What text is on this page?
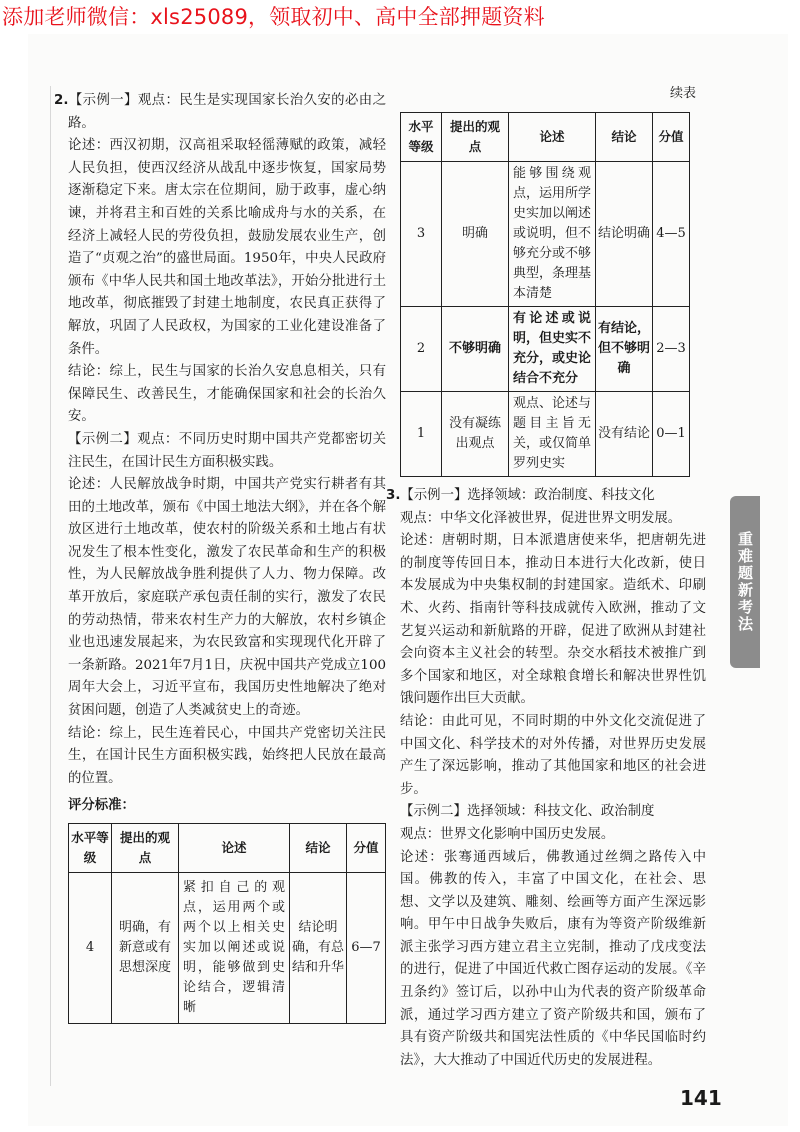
添加老师微信：xls25089，领取初中、高中全部押题资料

2.【示例一】观点：民生是实现国家长治久安的必由之路。

论述：西汉初期，汉高祖采取轻徭薄赋的政策，减轻人民负担，使西汉经济从战乱中逐步恢复，国家局势逐渐稳定下来。唐太宗在位期间，励于政事，虚心纳谏，并将君主和百姓的关系比喻成舟与水的关系，在经济上减轻人民的劳役负担，鼓励发展农业生产，创造了“贞观之治”的盛世局面。1950年，中央人民政府颁布《中华人民共和国土地改革法》，开始分批进行土地改革，彻底摧毁了封建土地制度，农民真正获得了解放，巩固了人民政权，为国家的工业化建设准备了条件。

结论：综上，民生与国家的长治久安息息相关，只有保障民生、改善民生，才能确保国家和社会的长治久安。

【示例二】观点：不同历史时期中国共产党都密切关注民生，在国计民生方面积极实践。

论述：人民解放战争时期，中国共产党实行耕者有其田的土地改革，颁布《中国土地法大纲》，并在各个解放区进行土地改革，使农村的阶级关系和土地占有状况发生了根本性变化，激发了农民革命和生产的积极性，为人民解放战争胜利提供了人力、物力保障。改革开放后，家庭联产承包责任制的实行，激发了农民的劳动热情，带来农村生产力的大解放，农村乡镇企业也迅速发展起来，为农民致富和实现现代化开辟了一条新路。2021年7月1日，庆祝中国共产党成立100周年大会上，习近平宣布，我国历史性地解决了绝对贫困问题，创造了人类减贫史上的奇迹。

结论：综上，民生连着民心，中国共产党密切关注民生，在国计民生方面积极实践，始终把人民放在最高的位置。

评分标准：

水平等级	提出的观点	论述	结论	分值
4	明确，有新意或有思想深度	紧扣自己的观点，运用两个或两个以上相关史实加以阐述或说明，能够做到史论结合，逻辑清晰	结论明确，有总结和升华	6—7
续表
水平等级	提出的观点	论述	结论	分值
3	明确	能够围绕观点，运用所学史实加以阐述或说明，但不够充分或不够典型，条理基本清楚	结论明确	4—5
2	不够明确	有论述或说明，但史实不充分，或史论结合不充分	有结论，但不够明确	2—3
1	没有凝练出观点	观点、论述与题目主旨无关，或仅简单罗列史实	没有结论	0—1

3.【示例一】选择领域：政治制度、科技文化

观点：中华文化泽被世界，促进世界文明发展。

论述：唐朝时期，日本派遣唐使来华，把唐朝先进的制度等传回日本，推动日本进行大化改新，使日本发展成为中央集权制的封建国家。造纸术、印刷术、火药、指南针等科技成就传入欧洲，推动了文艺复兴运动和新航路的开辟，促进了欧洲从封建社会向资本主义社会的转型。杂交水稻技术被推广到多个国家和地区，对全球粮食增长和解决世界性饥饿问题作出巨大贡献。

结论：由此可见，不同时期的中外文化交流促进了中国文化、科学技术的对外传播，对世界历史发展产生了深远影响，推动了其他国家和地区的社会进步。

【示例二】选择领域：科技文化、政治制度

观点：世界文化影响中国历史发展。

论述：张骞通西域后，佛教通过丝绸之路传入中国。佛教的传入，丰富了中国文化，在社会、思想、文学以及建筑、雕刻、绘画等方面产生深远影响。甲午中日战争失败后，康有为等资产阶级维新派主张学习西方建立君主立宪制，推动了戊戌变法的进行，促进了中国近代救亡图存运动的发展。《辛丑条约》签订后，以孙中山为代表的资产阶级革命派，通过学习西方建立了资产阶级共和国，颁布了具有资产阶级共和国宪法性质的《中华民国临时约法》，大大推动了中国近代历史的发展进程。

重难题新考法
141
